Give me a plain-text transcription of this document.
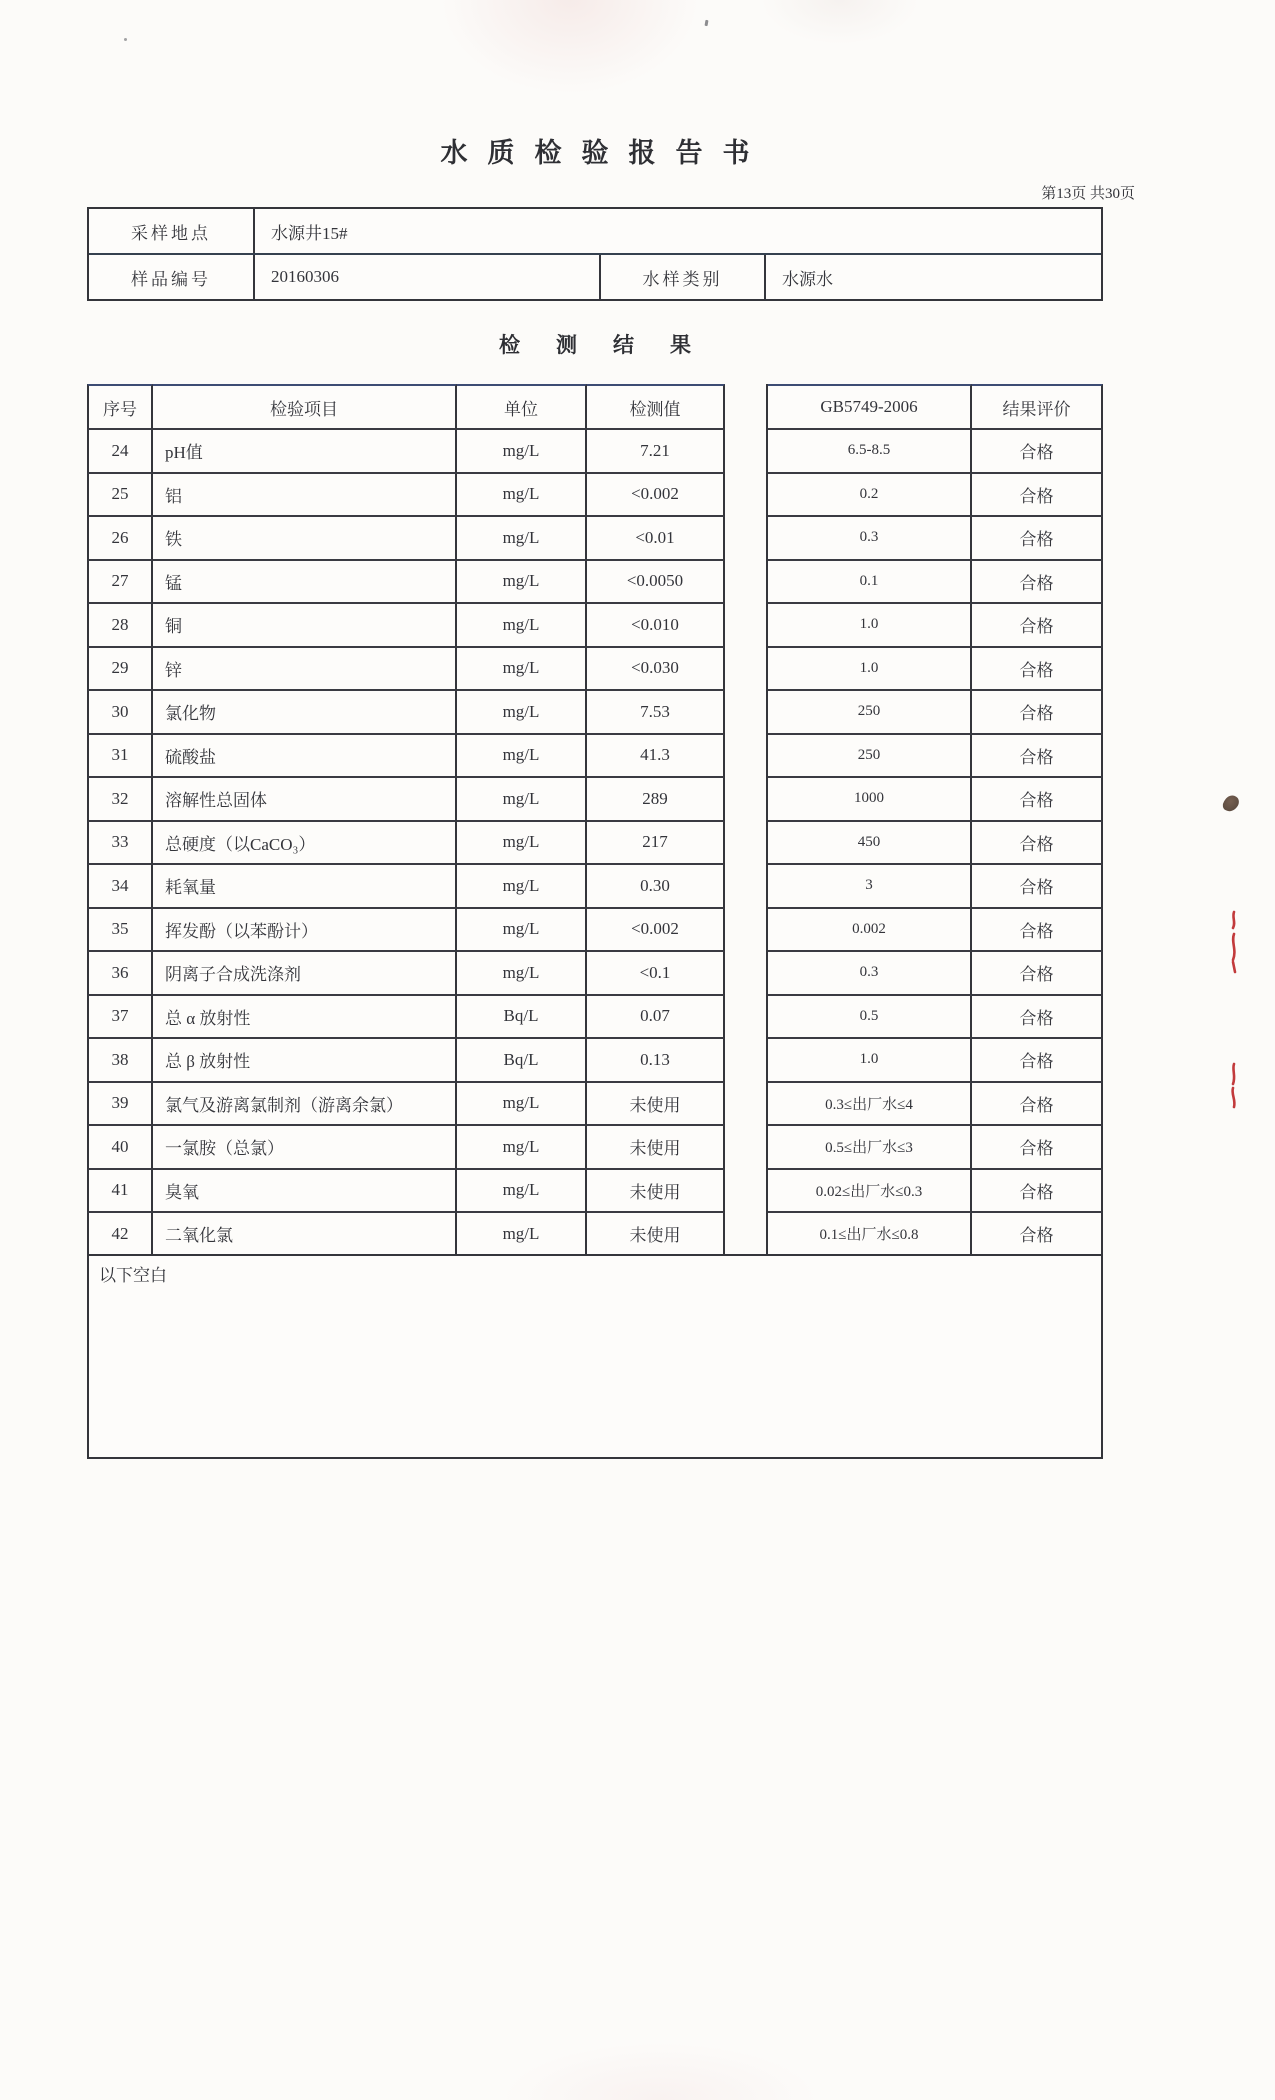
水质检验报告书
第13页 共30页
采样地点	水源井15#
样品编号	20160306	水样类别	水源水
检测结果
序号	检验项目	单位	检测值	GB5749-2006	结果评价
24	pH值	mg/L	7.21	6.5-8.5	合格
25	铝	mg/L	<0.002	0.2	合格
26	铁	mg/L	<0.01	0.3	合格
27	锰	mg/L	<0.0050	0.1	合格
28	铜	mg/L	<0.010	1.0	合格
29	锌	mg/L	<0.030	1.0	合格
30	氯化物	mg/L	7.53	250	合格
31	硫酸盐	mg/L	41.3	250	合格
32	溶解性总固体	mg/L	289	1000	合格
33	总硬度（以CaCO₃）	mg/L	217	450	合格
34	耗氧量	mg/L	0.30	3	合格
35	挥发酚（以苯酚计）	mg/L	<0.002	0.002	合格
36	阴离子合成洗涤剂	mg/L	<0.1	0.3	合格
37	总 α 放射性	Bq/L	0.07	0.5	合格
38	总 β 放射性	Bq/L	0.13	1.0	合格
39	氯气及游离氯制剂（游离余氯）	mg/L	未使用	0.3≤出厂水≤4	合格
40	一氯胺（总氯）	mg/L	未使用	0.5≤出厂水≤3	合格
41	臭氧	mg/L	未使用	0.02≤出厂水≤0.3	合格
42	二氧化氯	mg/L	未使用	0.1≤出厂水≤0.8	合格
以下空白
